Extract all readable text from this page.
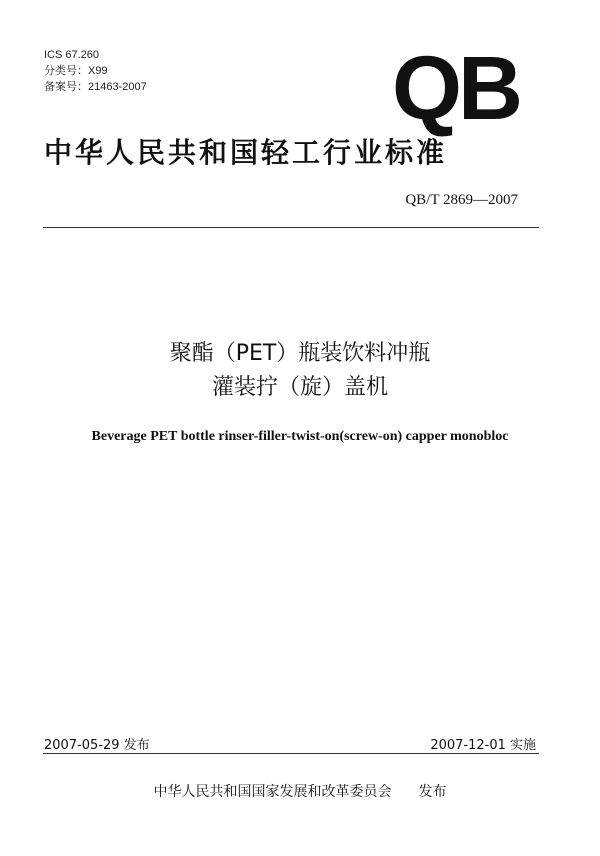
ICS 67.260
分类号：X99
备案号：21463-2007	QB
中华人民共和国轻工行业标准
QB/T 2869—2007
聚酯（PET）瓶装饮料冲瓶
灌装拧（旋）盖机
Beverage PET bottle rinser-filler-twist-on(screw-on) capper monobloc
2007-05-29 发布	2007-12-01 实施
中华人民共和国国家发展和改革委员会 发布
